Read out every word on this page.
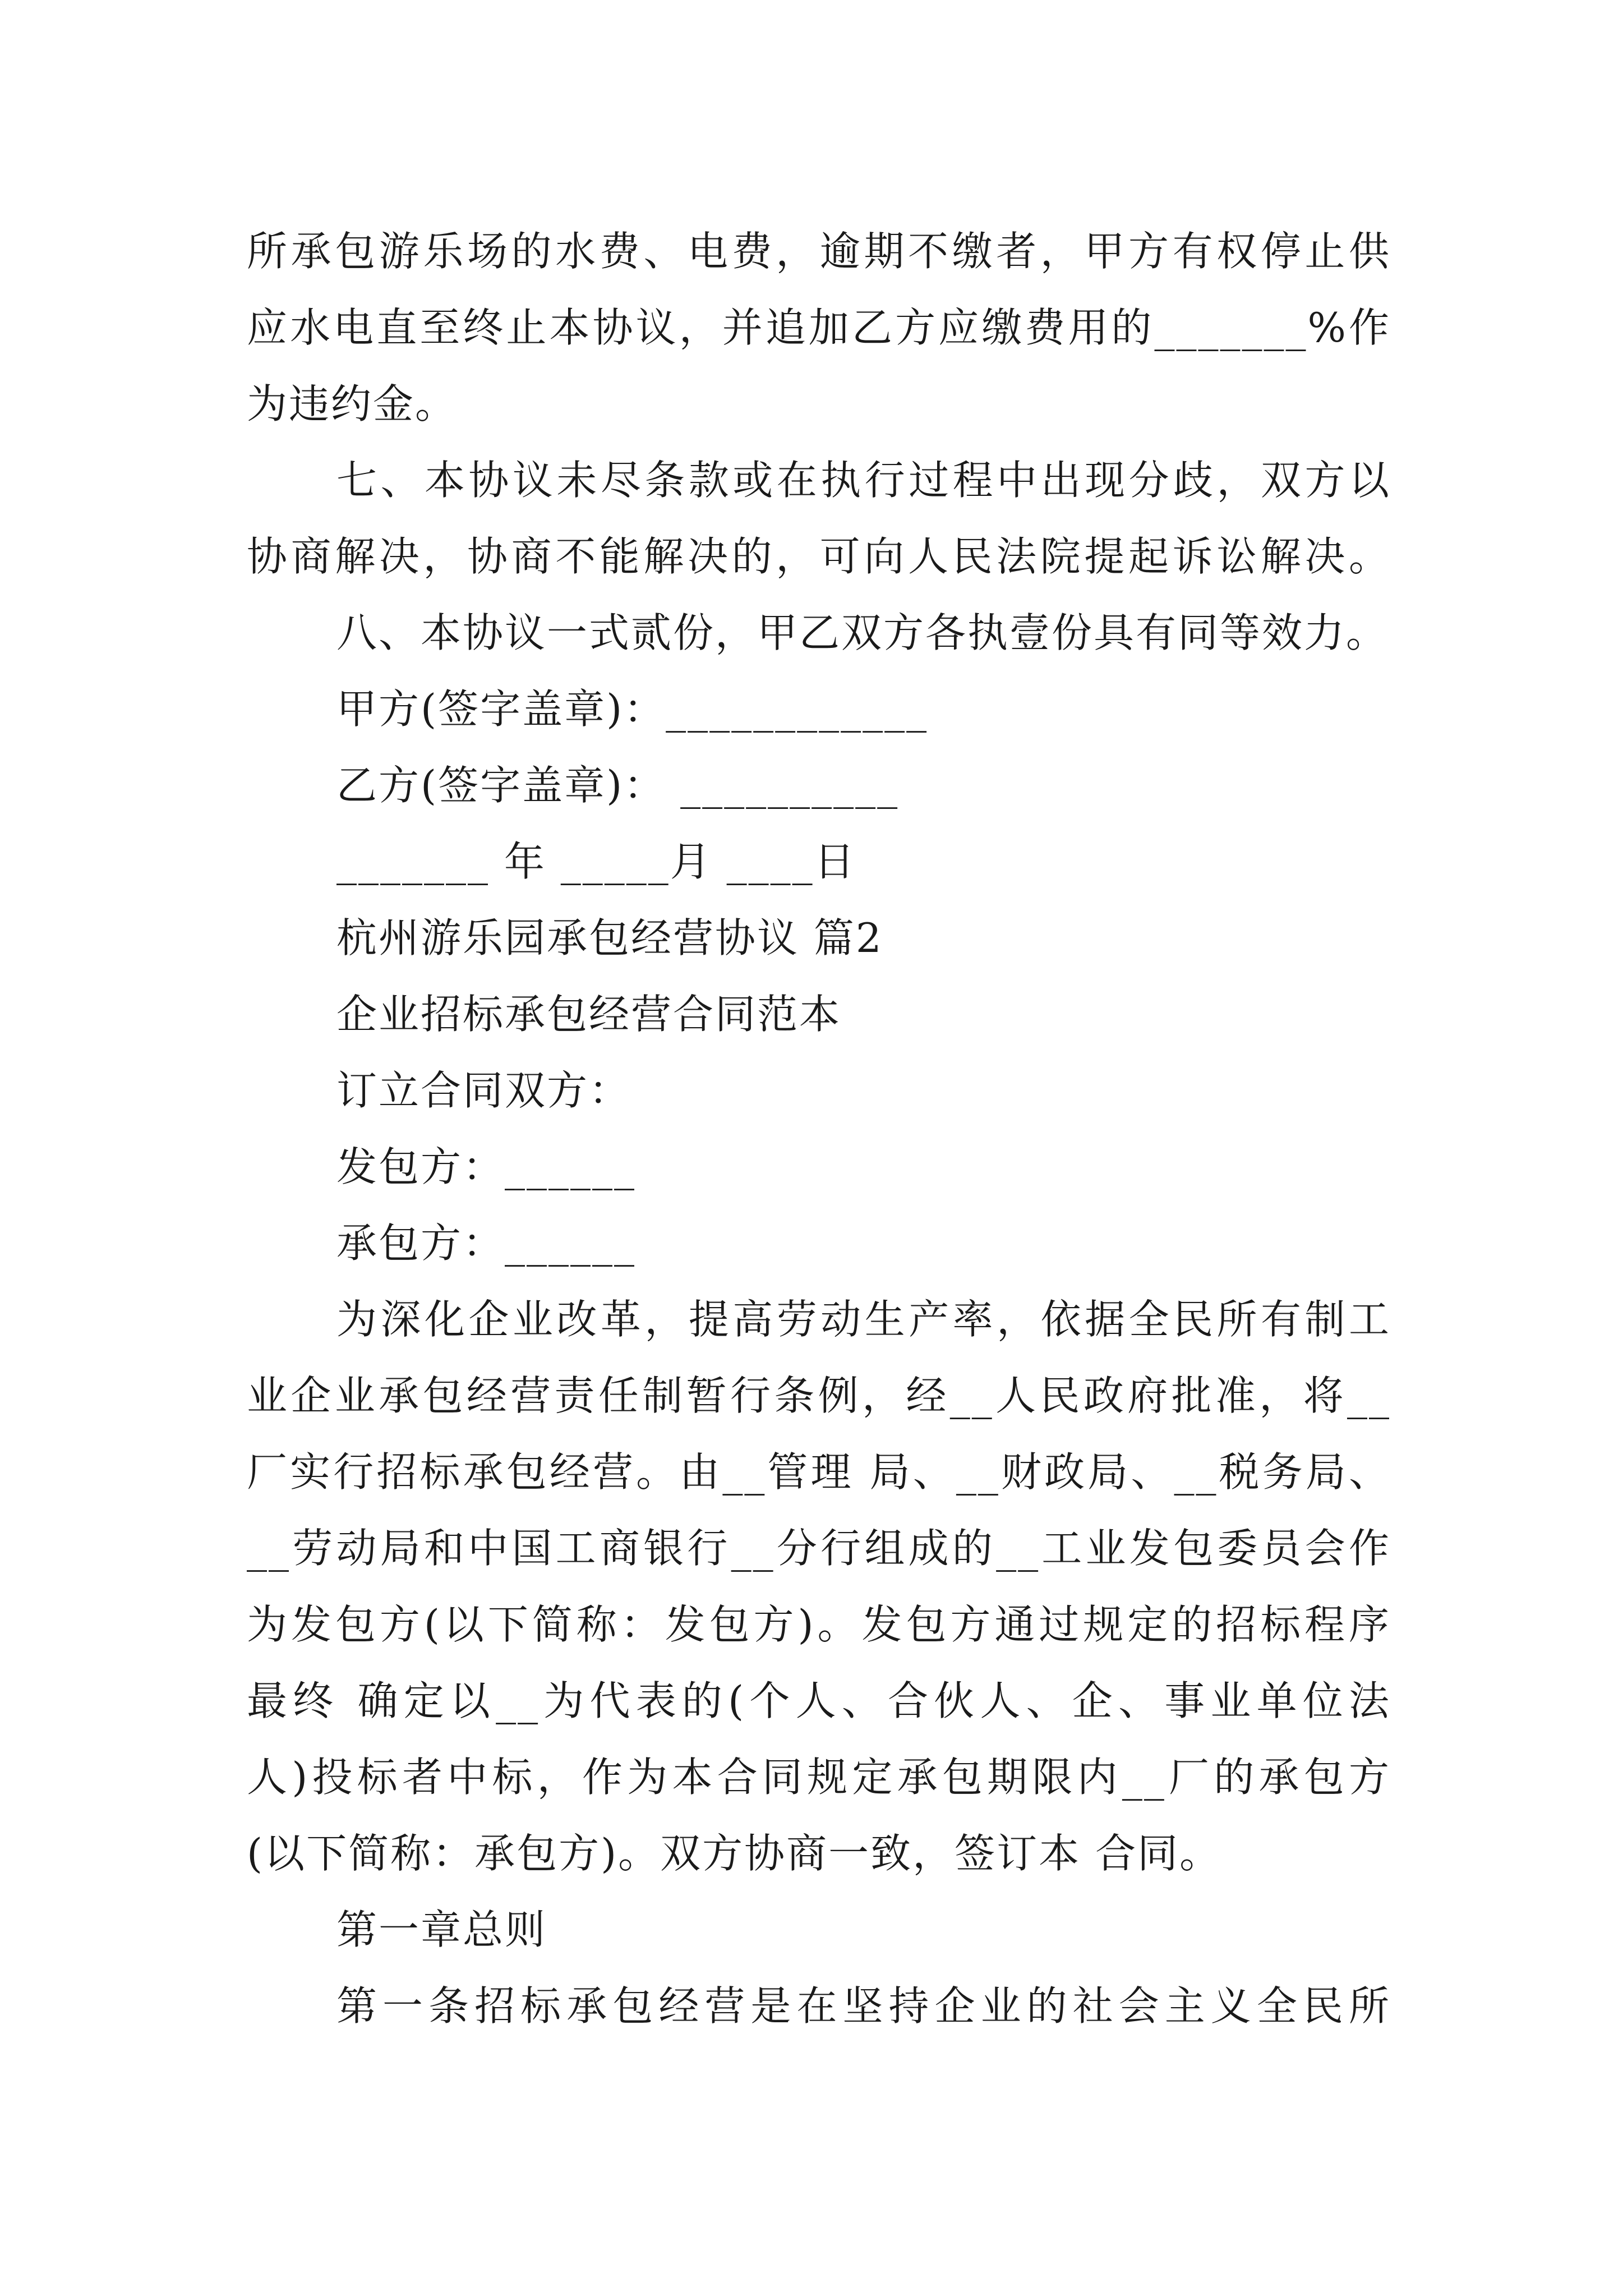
所承包游乐场的水费、电费，逾期不缴者，甲方有权停止供
应水电直至终止本协议，并追加乙方应缴费用的_______%作
为违约金。
七、本协议未尽条款或在执行过程中出现分歧，双方以
协商解决，协商不能解决的，可向人民法院提起诉讼解决。
八、本协议一式贰份，甲乙双方各执壹份具有同等效力。
甲方(签字盖章)：____________
乙方(签字盖章)： __________
_______ 年 _____月 ____日
杭州游乐园承包经营协议 篇2
企业招标承包经营合同范本
订立合同双方：
发包方：______
承包方：______
为深化企业改革，提高劳动生产率，依据全民所有制工
业企业承包经营责任制暂行条例，经__人民政府批准，将__
厂实行招标承包经营。由__管理 局、__财政局、__税务局、
__劳动局和中国工商银行__分行组成的__工业发包委员会作
为发包方(以下简称：发包方)。发包方通过规定的招标程序
最终 确定以__为代表的(个人、合伙人、企、事业单位法
人)投标者中标，作为本合同规定承包期限内__厂的承包方
(以下简称：承包方)。双方协商一致，签订本 合同。
第一章总则
第一条招标承包经营是在坚持企业的社会主义全民所
